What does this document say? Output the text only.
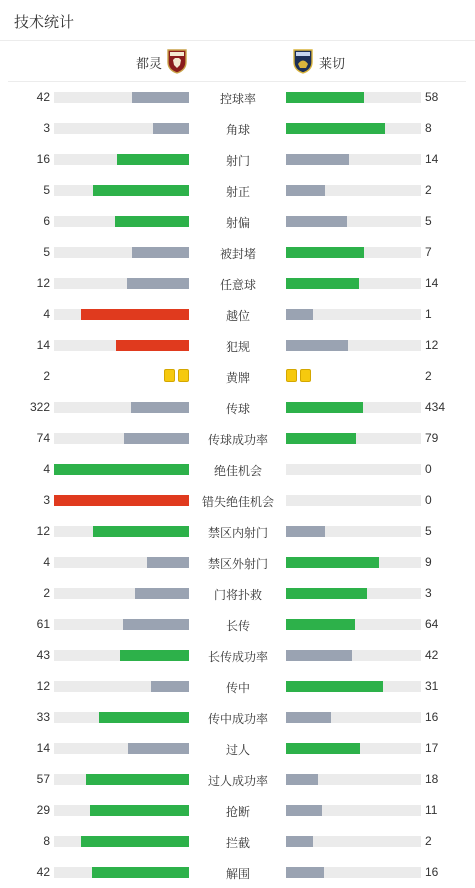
技术统计
都灵	莱切
42	控球率	58
3	角球	8
16	射门	14
5	射正	2
6	射偏	5
5	被封堵	7
12	任意球	14
4	越位	1
14	犯规	12
2	黄牌	2
322	传球	434
74	传球成功率	79
4	绝佳机会	0
3	错失绝佳机会	0
12	禁区内射门	5
4	禁区外射门	9
2	门将扑救	3
61	长传	64
43	长传成功率	42
12	传中	31
33	传中成功率	16
14	过人	17
57	过人成功率	18
29	抢断	11
8	拦截	2
42	解围	16
